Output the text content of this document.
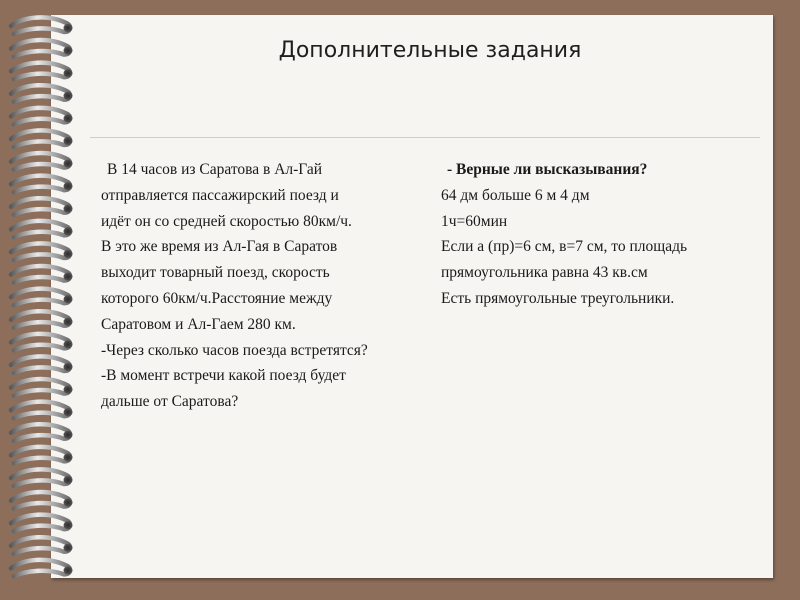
Дополнительные задания
В 14 часов из Саратова в Ал-Гай
отправляется пассажирский поезд и
идёт он со средней скоростью 80км/ч.
В это же время из Ал-Гая в Саратов
выходит товарный поезд, скорость
которого 60км/ч.Расстояние между
Саратовом и Ал-Гаем 280 км.
-Через сколько часов поезда встретятся?
-В момент встречи какой поезд будет
дальше от Саратова?
- Верные ли высказывания?
64 дм больше 6 м 4 дм
1ч=60мин
Если а (пр)=6 см, в=7 см, то площадь
прямоугольника равна 43 кв.см
Есть прямоугольные треугольники.
